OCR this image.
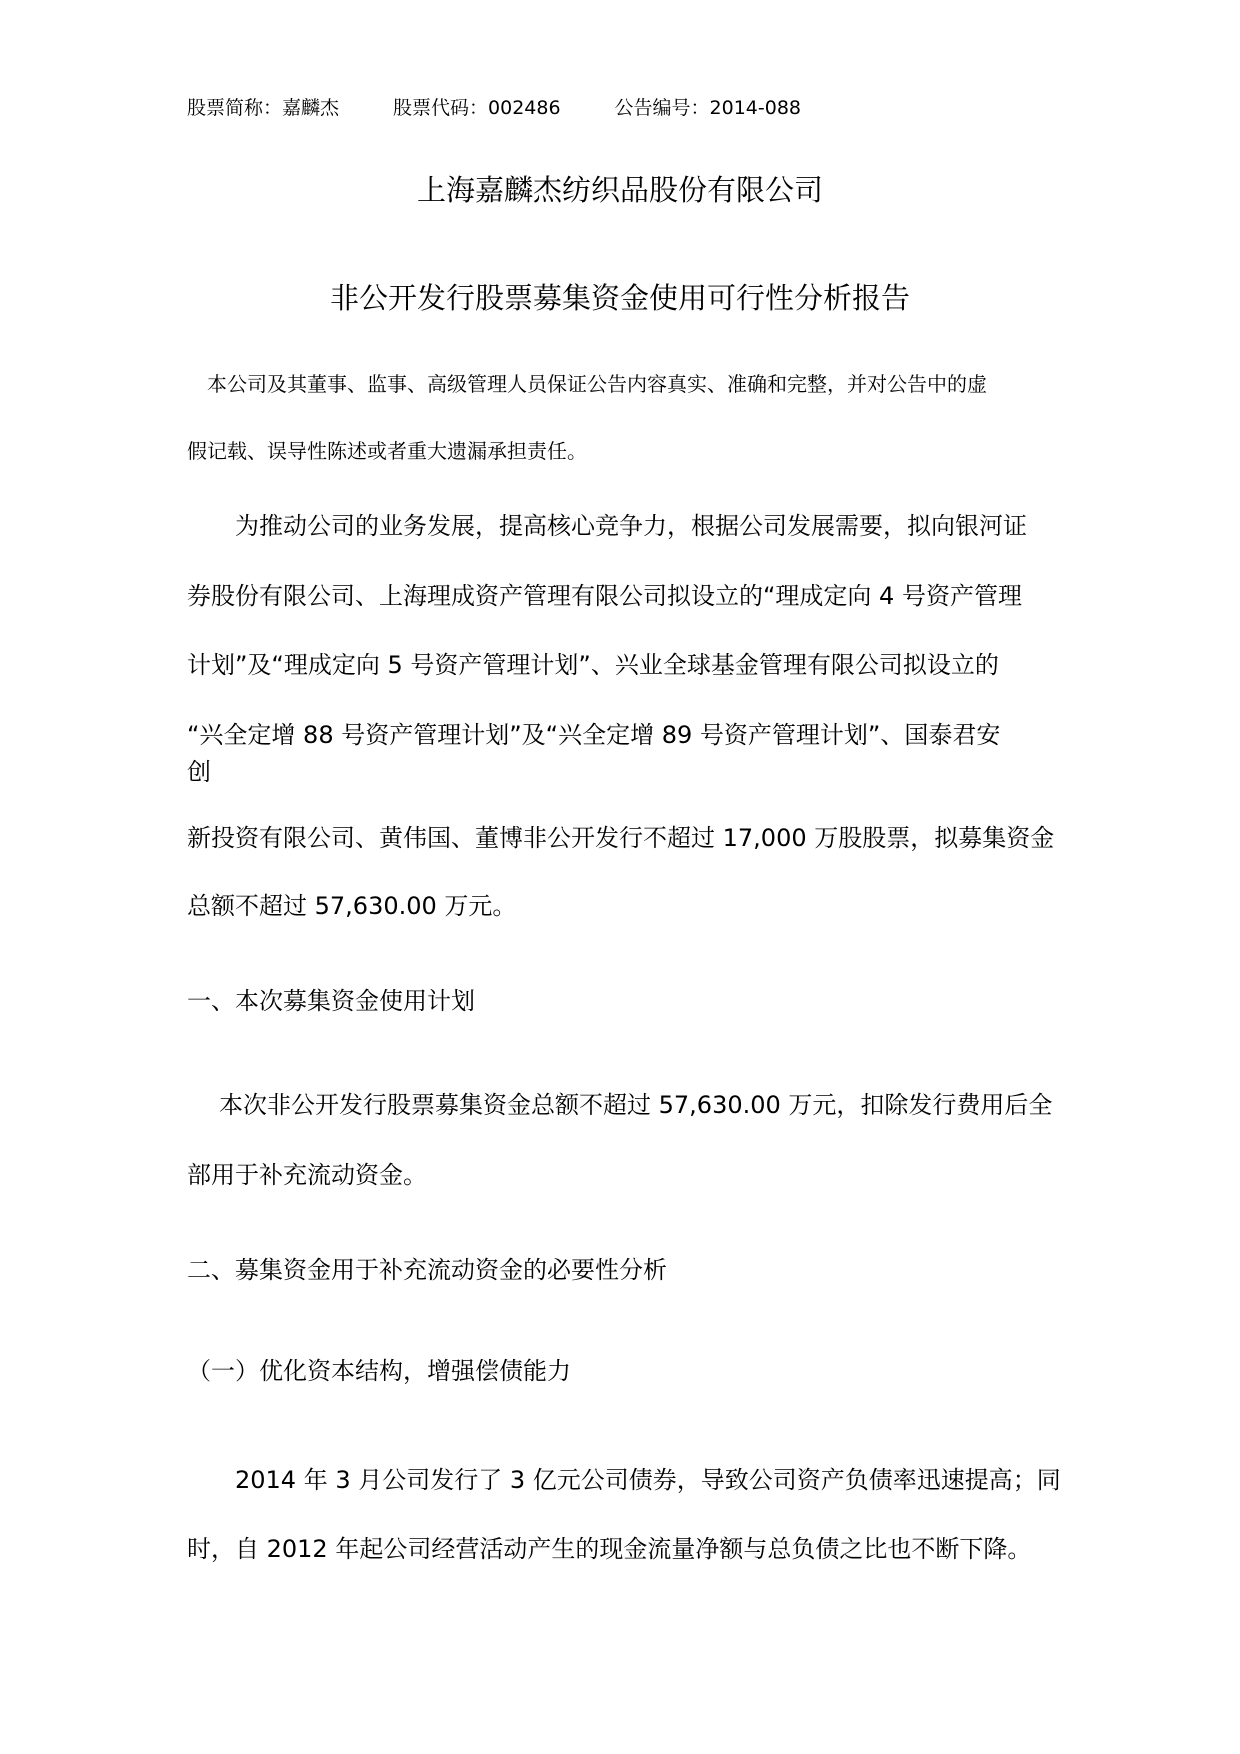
股票简称：嘉麟杰	股票代码：002486	公告编号：2014-088
上海嘉麟杰纺织品股份有限公司
非公开发行股票募集资金使用可行性分析报告
本公司及其董事、监事、高级管理人员保证公告内容真实、准确和完整，并对公告中的虚
假记载、误导性陈述或者重大遗漏承担责任。
为推动公司的业务发展，提高核心竞争力，根据公司发展需要，拟向银河证
券股份有限公司、上海理成资产管理有限公司拟设立的“理成定向 4 号资产管理
计划”及“理成定向 5 号资产管理计划”、兴业全球基金管理有限公司拟设立的
“兴全定增 88 号资产管理计划”及“兴全定增 89 号资产管理计划”、国泰君安
创
新投资有限公司、黄伟国、董博非公开发行不超过 17,000 万股股票，拟募集资金
总额不超过 57,630.00 万元。
一、本次募集资金使用计划
本次非公开发行股票募集资金总额不超过 57,630.00 万元，扣除发行费用后全
部用于补充流动资金。
二、募集资金用于补充流动资金的必要性分析
（一）优化资本结构，增强偿债能力
2014 年 3 月公司发行了 3 亿元公司债券，导致公司资产负债率迅速提高；同
时，自 2012 年起公司经营活动产生的现金流量净额与总负债之比也不断下降。
